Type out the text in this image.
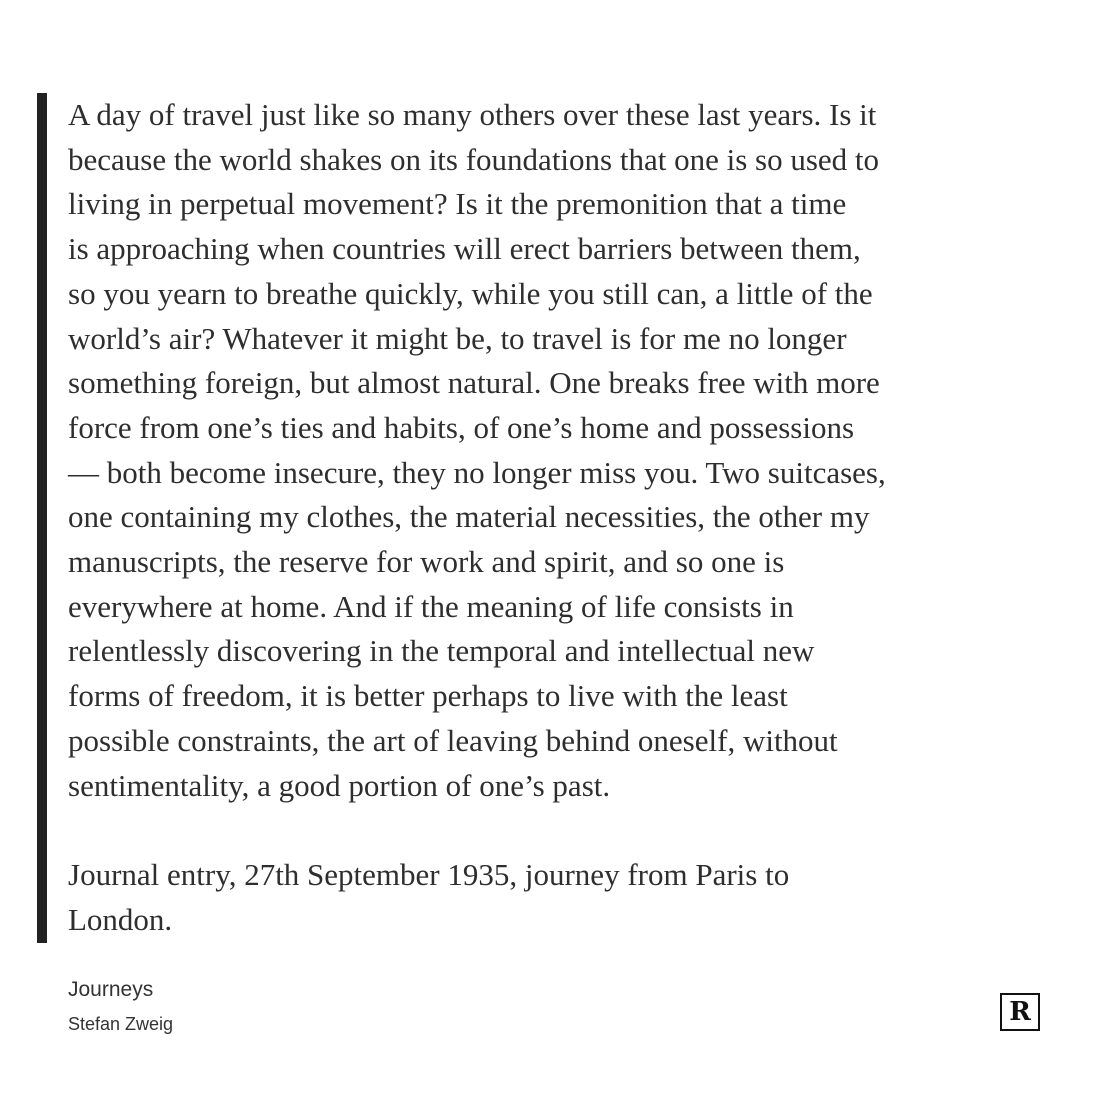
A day of travel just like so many others over these last years. Is it
because the world shakes on its foundations that one is so used to
living in perpetual movement? Is it the premonition that a time
is approaching when countries will erect barriers between them,
so you yearn to breathe quickly, while you still can, a little of the
world’s air? Whatever it might be, to travel is for me no longer
something foreign, but almost natural. One breaks free with more
force from one’s ties and habits, of one’s home and possessions
— both become insecure, they no longer miss you. Two suitcases,
one containing my clothes, the material necessities, the other my
manuscripts, the reserve for work and spirit, and so one is
everywhere at home. And if the meaning of life consists in
relentlessly discovering in the temporal and intellectual new
forms of freedom, it is better perhaps to live with the least
possible constraints, the art of leaving behind oneself, without
sentimentality, a good portion of one’s past.
Journal entry, 27th September 1935, journey from Paris to
London.
Journeys
Stefan Zweig	R
